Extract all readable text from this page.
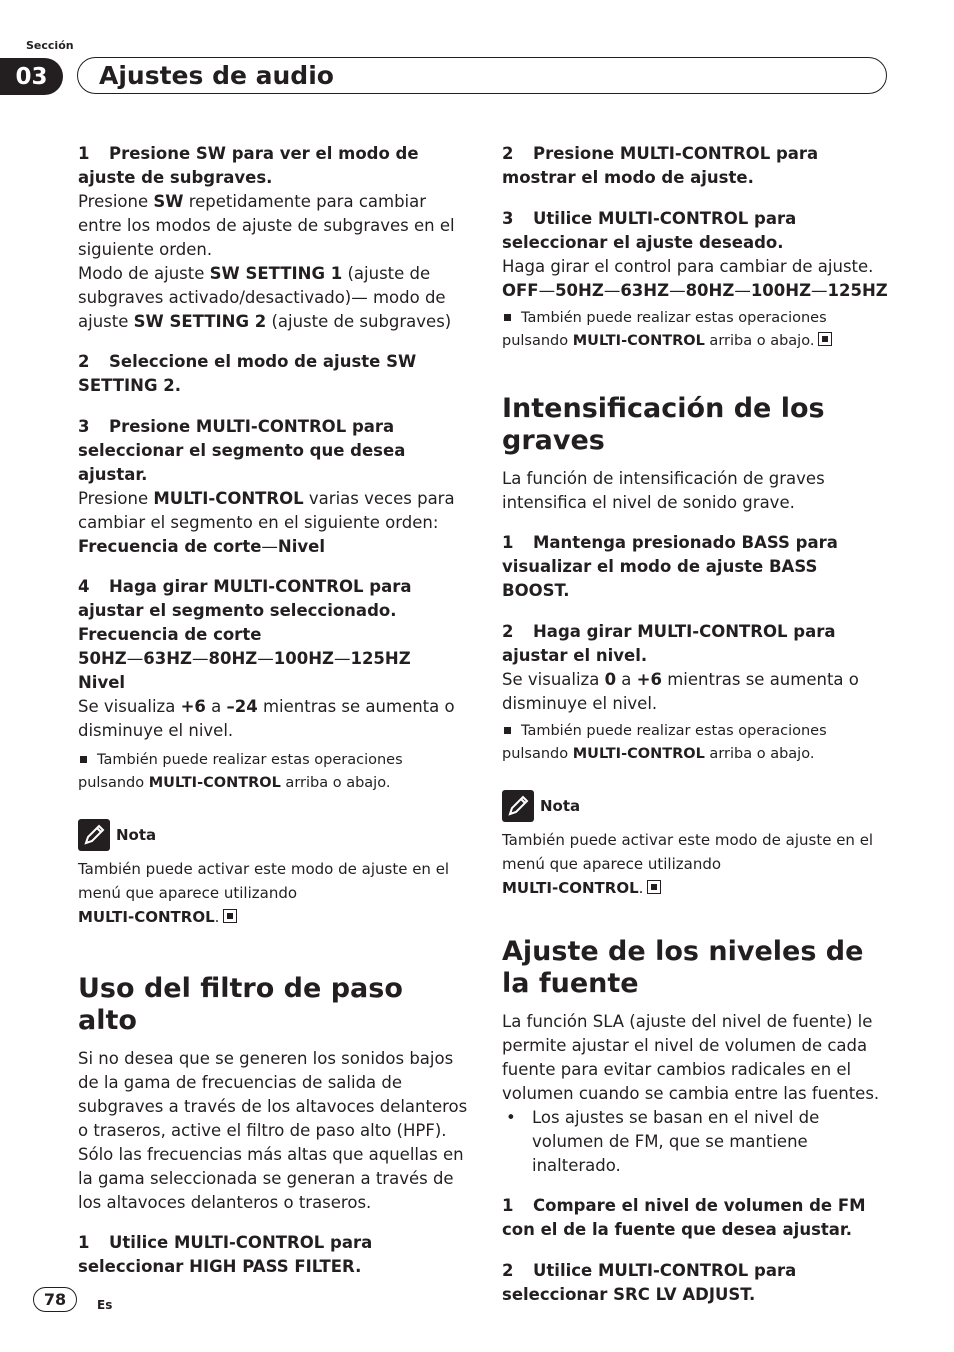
Sección
03	Ajustes de audio
1 Presione SW para ver el modo de ajuste de subgraves.
Presione SW repetidamente para cambiar entre los modos de ajuste de subgraves en el siguiente orden.
Modo de ajuste SW SETTING 1 (ajuste de subgraves activado/desactivado)— modo de ajuste SW SETTING 2 (ajuste de subgraves)
2 Seleccione el modo de ajuste SW SETTING 2.
3 Presione MULTI-CONTROL para seleccionar el segmento que desea ajustar.
Presione MULTI-CONTROL varias veces para cambiar el segmento en el siguiente orden:
Frecuencia de corte—Nivel
4 Haga girar MULTI-CONTROL para ajustar el segmento seleccionado.
Frecuencia de corte
50HZ—63HZ—80HZ—100HZ—125HZ
Nivel
Se visualiza +6 a –24 mientras se aumenta o disminuye el nivel.
También puede realizar estas operaciones pulsando MULTI-CONTROL arriba o abajo.
Nota
También puede activar este modo de ajuste en el menú que aparece utilizando
MULTI-CONTROL.
Uso del filtro de paso alto
Si no desea que se generen los sonidos bajos de la gama de frecuencias de salida de subgraves a través de los altavoces delanteros o traseros, active el filtro de paso alto (HPF). Sólo las frecuencias más altas que aquellas en la gama seleccionada se generan a través de los altavoces delanteros o traseros.
1 Utilice MULTI-CONTROL para seleccionar HIGH PASS FILTER.
2 Presione MULTI-CONTROL para mostrar el modo de ajuste.
3 Utilice MULTI-CONTROL para seleccionar el ajuste deseado.
Haga girar el control para cambiar de ajuste.
OFF—50HZ—63HZ—80HZ—100HZ—125HZ
También puede realizar estas operaciones pulsando MULTI-CONTROL arriba o abajo.
Intensificación de los graves
La función de intensificación de graves intensifica el nivel de sonido grave.
1 Mantenga presionado BASS para visualizar el modo de ajuste BASS BOOST.
2 Haga girar MULTI-CONTROL para ajustar el nivel.
Se visualiza 0 a +6 mientras se aumenta o disminuye el nivel.
También puede realizar estas operaciones pulsando MULTI-CONTROL arriba o abajo.
Nota
También puede activar este modo de ajuste en el menú que aparece utilizando
MULTI-CONTROL.
Ajuste de los niveles de la fuente
La función SLA (ajuste del nivel de fuente) le permite ajustar el nivel de volumen de cada fuente para evitar cambios radicales en el volumen cuando se cambia entre las fuentes.
• Los ajustes se basan en el nivel de volumen de FM, que se mantiene inalterado.
1 Compare el nivel de volumen de FM con el de la fuente que desea ajustar.
2 Utilice MULTI-CONTROL para seleccionar SRC LV ADJUST.
78	Es
